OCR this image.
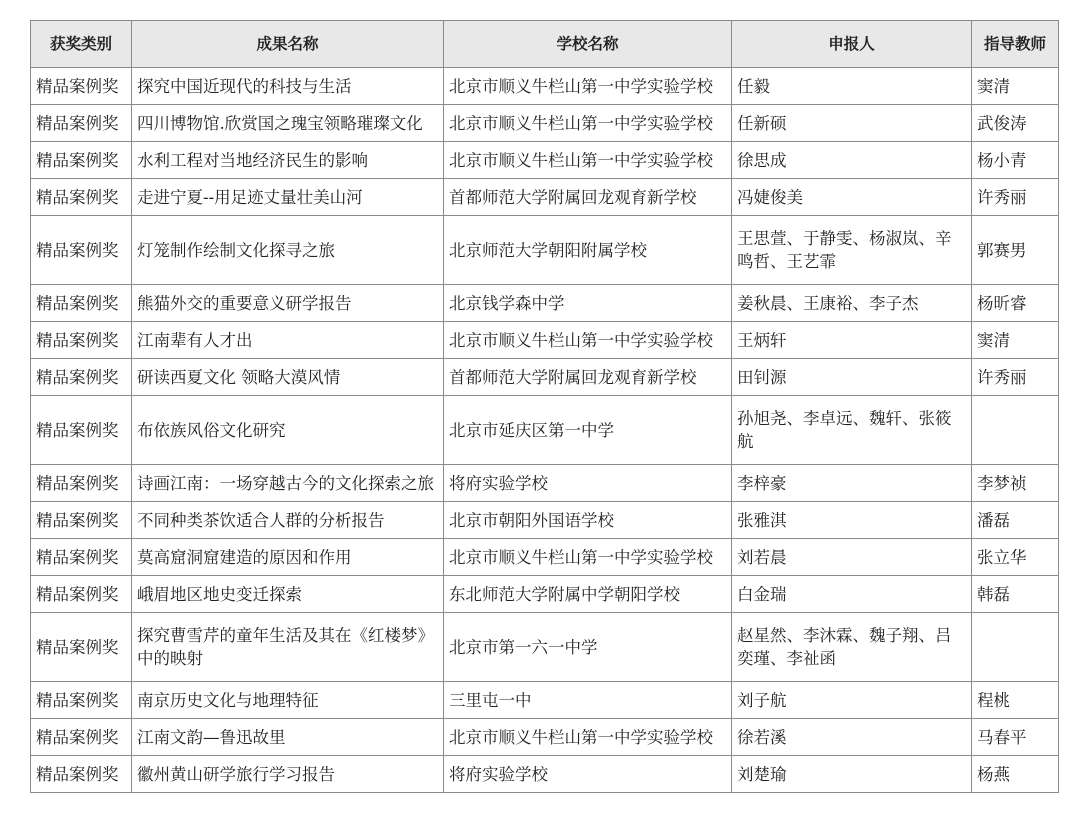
获奖类别	成果名称	学校名称	申报人	指导教师
精品案例奖	探究中国近现代的科技与生活	北京市顺义牛栏山第一中学实验学校	任毅	窦清
精品案例奖	四川博物馆.欣赏国之瑰宝领略璀璨文化	北京市顺义牛栏山第一中学实验学校	任新硕	武俊涛
精品案例奖	水利工程对当地经济民生的影响	北京市顺义牛栏山第一中学实验学校	徐思成	杨小青
精品案例奖	走进宁夏--用足迹丈量壮美山河	首都师范大学附属回龙观育新学校	冯婕俊美	许秀丽
精品案例奖	灯笼制作绘制文化探寻之旅	北京师范大学朝阳附属学校	王思萱、于静雯、杨淑岚、辛鸣哲、王艺霏	郭赛男
精品案例奖	熊猫外交的重要意义研学报告	北京钱学森中学	姜秋晨、王康裕、李子杰	杨昕睿
精品案例奖	江南辈有人才出	北京市顺义牛栏山第一中学实验学校	王炳轩	窦清
精品案例奖	研读西夏文化 领略大漠风情	首都师范大学附属回龙观育新学校	田钊源	许秀丽
精品案例奖	布依族风俗文化研究	北京市延庆区第一中学	孙旭尧、李卓远、魏轩、张筱航	
精品案例奖	诗画江南：一场穿越古今的文化探索之旅	将府实验学校	李梓豪	李梦祯
精品案例奖	不同种类茶饮适合人群的分析报告	北京市朝阳外国语学校	张雅淇	潘磊
精品案例奖	莫高窟洞窟建造的原因和作用	北京市顺义牛栏山第一中学实验学校	刘若晨	张立华
精品案例奖	峨眉地区地史变迁探索	东北师范大学附属中学朝阳学校	白金瑞	韩磊
精品案例奖	探究曹雪芹的童年生活及其在《红楼梦》中的映射	北京市第一六一中学	赵星然、李沐霖、魏子翔、吕奕瑾、李祉函	
精品案例奖	南京历史文化与地理特征	三里屯一中	刘子航	程桃
精品案例奖	江南文韵—鲁迅故里	北京市顺义牛栏山第一中学实验学校	徐若溪	马春平
精品案例奖	徽州黄山研学旅行学习报告	将府实验学校	刘楚瑜	杨燕
